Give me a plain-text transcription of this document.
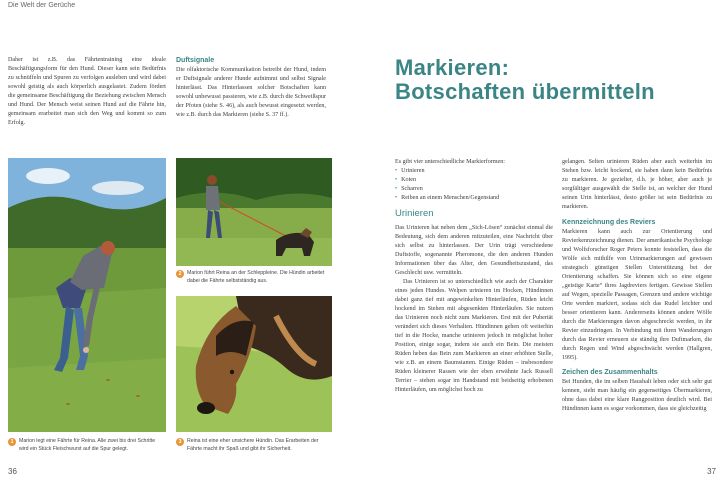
Die Welt der Gerüche

Daher ist z.B. das Fährtentraining eine ideale Beschäftigungsform für den Hund. Dieser kann sein Bedürfnis zu schnüffeln und Spuren zu verfolgen ausleben und wird dabei sowohl geistig als auch körperlich ausgelastet. Zudem fördert die gemeinsame Beschäftigung die Beziehung zwischen Mensch und Hund. Der Mensch weist seinen Hund auf die Fährte hin, gemeinsam erarbeitet man sich den Weg und kommt so zum Erfolg.

Duftsignale

Die olfaktorische Kommunikation betreibt der Hund, indem er Duftsignale anderer Hunde aufnimmt und selbst Signale hinterlässt. Das Hinterlassen solcher Botschaften kann sowohl unbewusst passieren, wie z.B. durch die Schweißspur der Pfoten (siehe S. 46), als auch bewusst eingesetzt werden, wie z.B. durch das Markieren (siehe S. 37 ff.).

2 Marion führt Reina an der Schleppleine. Die Hündin arbeitet dabei die Fährte selbstständig aus.
1 Marion legt eine Fährte für Reina. Alle zwei bis drei Schritte wird ein Stück Fleischwurst auf die Spur gelegt.
3 Reina ist eine eher unsichere Hündin. Das Erarbeiten der Fährte macht ihr Spaß und gibt ihr Sicherheit.
36
Markieren:
Botschaften übermitteln

Es gibt vier unterschiedliche Markierformen:

• Urinieren
• Koten
• Scharren
• Reiben an einem Menschen/Gegenstand
Urinieren

Das Urinieren hat neben dem „Sich-Lösen“ zunächst einmal die Bedeutung, sich dem anderen mitzuteilen, eine Nachricht über sich selbst zu hinterlassen. Der Urin trägt verschiedene Duftstoffe, sogenannte Pheromone, die den anderen Hunden Informationen über das Alter, den Gesundheitszustand, das Geschlecht usw. vermitteln.

Das Urinieren ist so unterschiedlich wie auch der Charakter eines jeden Hundes. Welpen urinieren im Hocken, Hündinnen dabei ganz tief mit angewinkelten Hinterläufen, Rüden leicht hockend im Stehen mit abgesenkten Hinterläufen. Sie nutzen das Urinieren noch nicht zum Markieren. Erst mit der Pubertät verändert sich dieses Verhalten. Hündinnen gehen oft weiterhin tief in die Hocke, manche urinieren jedoch in möglichst hoher Position, einige sogar, indem sie auch ein Bein. Die meisten Rüden heben das Bein zum Markieren an einer erhöhten Stelle, wie z.B. an einem Baumstamm. Einige Rüden – insbesondere Rüden kleinerer Rassen wie der eben erwähnte Jack Russell Terrier – stehen sogar im Handstand mit beidseitig erhobenen Hinterläufen, um möglichst hoch zu

gelangen. Selten urinieren Rüden aber auch weiterhin im Stehen bzw. leicht hockend, sie haben dann kein Bedürfnis zu markieren. Je gezielter, d.h. je höher, aber auch je sorgfältiger ausgewählt die Stelle ist, an welcher der Hund seinen Urin hinterlässt, desto größer ist sein Bedürfnis zu markieren.

Kennzeichnung des Reviers

Markieren kann auch zur Orientierung und Revierkennzeichnung dienen. Der amerikanische Psychologe und Wolfsforscher Roger Peters konnte feststellen, dass die Wölfe sich mithilfe von Urinmarkierungen auf gewissen strategisch günstigen Stellen Unterstützung bei der Orientierung schaffen. Sie können sich so eine eigene „geistige Karte“ ihres Jagdreviers fertigen. Gewisse Stellen auf Wegen, spezielle Passagen, Grenzen und andere wichtige Orte werden markiert, sodass sich das Rudel leichter und besser orientieren kann. Andererseits können andere Wölfe durch die Markierungen davon abgeschreckt werden, in ihr Revier einzudringen. In Verbindung mit ihren Wanderungen durch das Revier erneuern sie ständig ihre Duftmarken, die durch Regen und Wind abgeschwächt werden (Hallgren, 1995).

Zeichen des Zusammenhalts

Bei Hunden, die im selben Haushalt leben oder sich sehr gut kennen, sieht man häufig ein gegenseitiges Übermarkieren, ohne dass dabei eine klare Rangposition deutlich wird. Bei Hündinnen kann es sogar vorkommen, dass sie gleichzeitig

37
